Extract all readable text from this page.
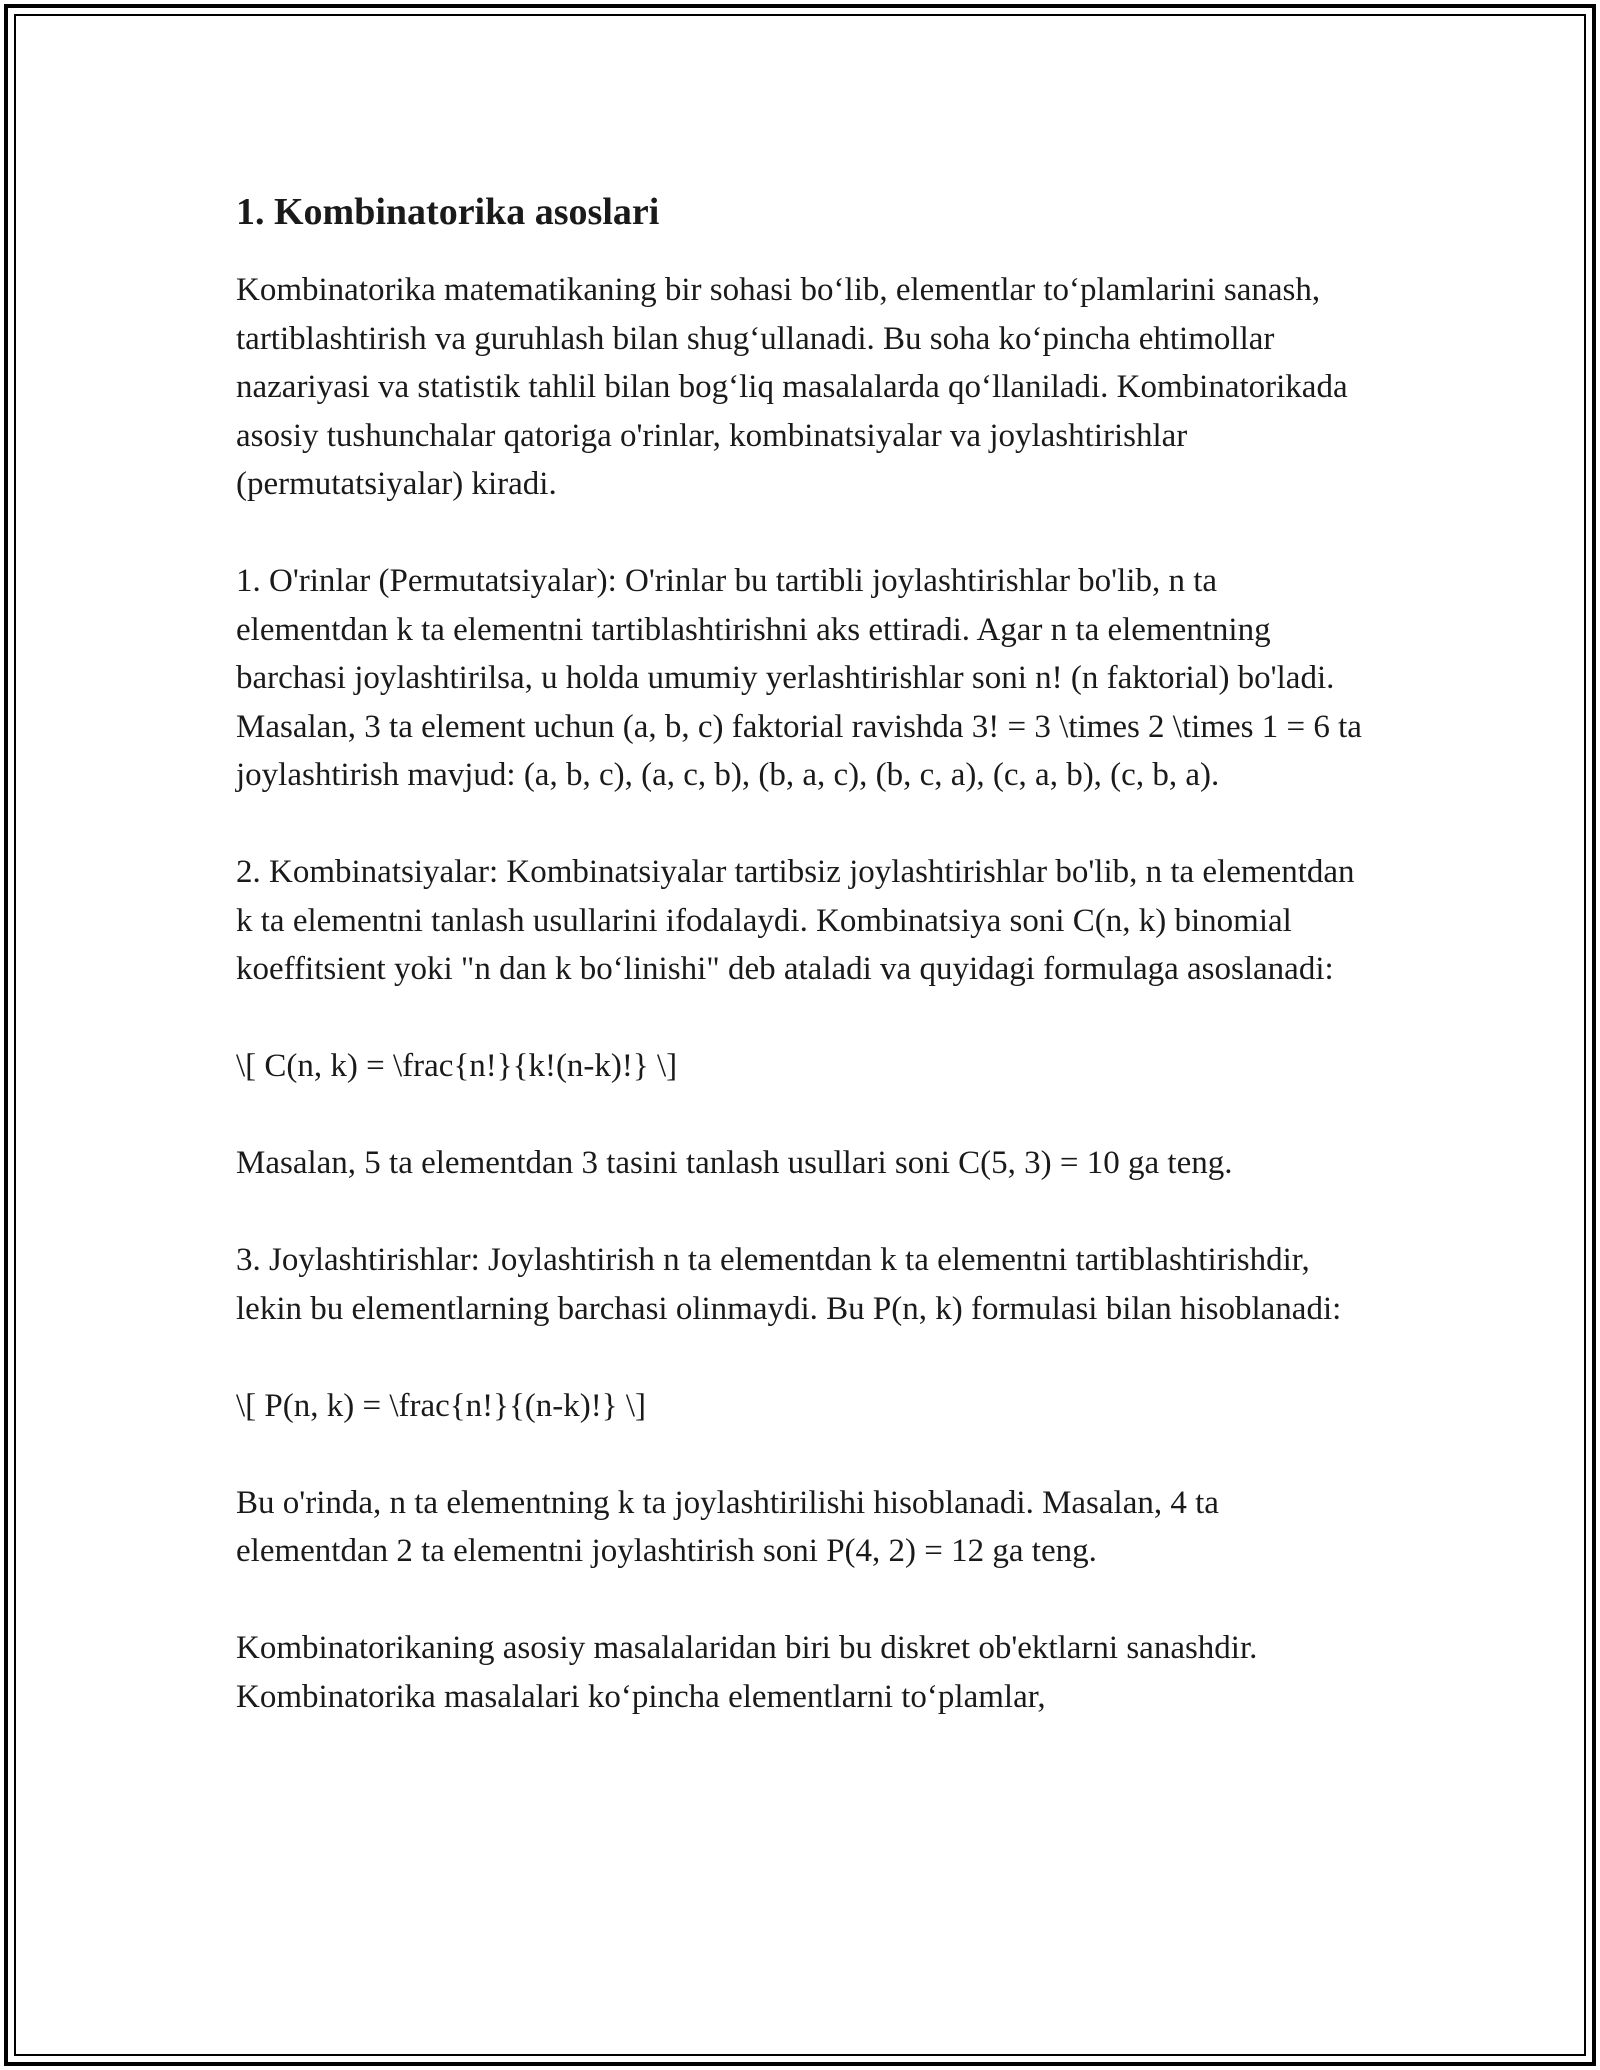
1. Kombinatorika asoslari

Kombinatorika matematikaning bir sohasi bo‘lib, elementlar to‘plamlarini sanash, tartiblashtirish va guruhlash bilan shug‘ullanadi. Bu soha ko‘pincha ehtimollar nazariyasi va statistik tahlil bilan bog‘liq masalalarda qo‘llaniladi. Kombinatorikada asosiy tushunchalar qatoriga o'rinlar, kombinatsiyalar va joylashtirishlar (permutatsiyalar) kiradi.

1. O'rinlar (Permutatsiyalar): O'rinlar bu tartibli joylashtirishlar bo'lib, n ta elementdan k ta elementni tartiblashtirishni aks ettiradi. Agar n ta elementning barchasi joylashtirilsa, u holda umumiy yerlashtirishlar soni n! (n faktorial) bo'ladi. Masalan, 3 ta element uchun (a, b, c) faktorial ravishda 3! = 3 \times 2 \times 1 = 6 ta joylashtirish mavjud: (a, b, c), (a, c, b), (b, a, c), (b, c, a), (c, a, b), (c, b, a).

2. Kombinatsiyalar: Kombinatsiyalar tartibsiz joylashtirishlar bo'lib, n ta elementdan k ta elementni tanlash usullarini ifodalaydi. Kombinatsiya soni C(n, k) binomial koeffitsient yoki "n dan k bo‘linishi" deb ataladi va quyidagi formulaga asoslanadi:

\[ C(n, k) = \frac{n!}{k!(n-k)!} \]

Masalan, 5 ta elementdan 3 tasini tanlash usullari soni C(5, 3) = 10 ga teng.

3. Joylashtirishlar: Joylashtirish n ta elementdan k ta elementni tartiblashtirishdir, lekin bu elementlarning barchasi olinmaydi. Bu P(n, k) formulasi bilan hisoblanadi:

\[ P(n, k) = \frac{n!}{(n-k)!} \]

Bu o'rinda, n ta elementning k ta joylashtirilishi hisoblanadi. Masalan, 4 ta elementdan 2 ta elementni joylashtirish soni P(4, 2) = 12 ga teng.

Kombinatorikaning asosiy masalalaridan biri bu diskret ob'ektlarni sanashdir. Kombinatorika masalalari ko‘pincha elementlarni to‘plamlar,
